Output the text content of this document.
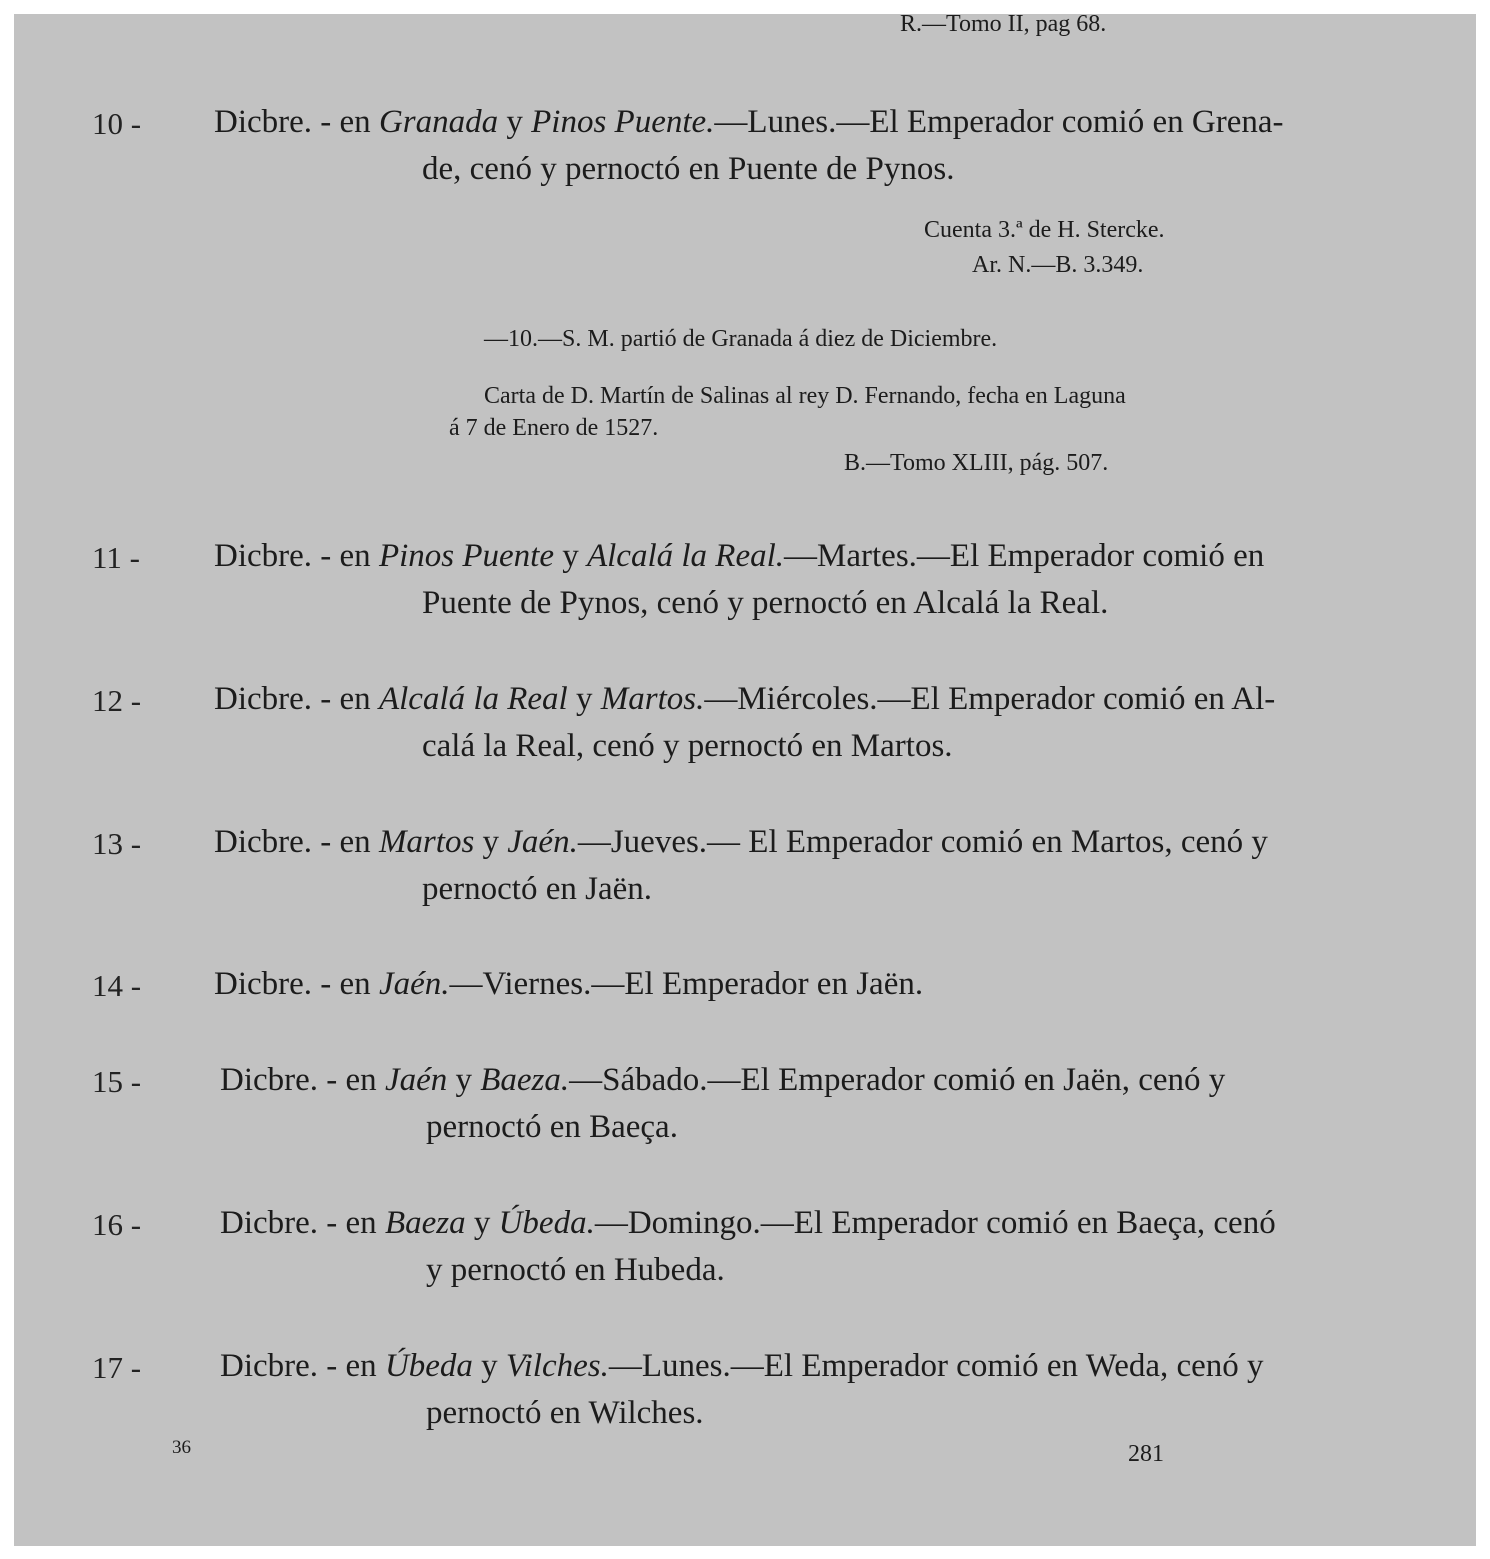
R.—Tomo II, pag 68.
10 - Dicbre. - en Granada y Pinos Puente.—Lunes.—El Emperador comió en Grena-
de, cenó y pernoctó en Puente de Pynos.
Cuenta 3.ª de H. Stercke.
Ar. N.—B. 3.349.
—10.—S. M. partió de Granada á diez de Diciembre.
Carta de D. Martín de Salinas al rey D. Fernando, fecha en Laguna
á 7 de Enero de 1527.
B.—Tomo XLIII, pág. 507.
11 - Dicbre. - en Pinos Puente y Alcalá la Real.—Martes.—El Emperador comió en
Puente de Pynos, cenó y pernoctó en Alcalá la Real.
12 - Dicbre. - en Alcalá la Real y Martos.—Miércoles.—El Emperador comió en Al-
calá la Real, cenó y pernoctó en Martos.
13 - Dicbre. - en Martos y Jaén.—Jueves.— El Emperador comió en Martos, cenó y
pernoctó en Jaën.
14 - Dicbre. - en Jaén.—Viernes.—El Emperador en Jaën.
15 - Dicbre. - en Jaén y Baeza.—Sábado.—El Emperador comió en Jaën, cenó y
pernoctó en Baeça.
16 - Dicbre. - en Baeza y Úbeda.—Domingo.—El Emperador comió en Baeça, cenó
y pernoctó en Hubeda.
17 - Dicbre. - en Úbeda y Vilches.—Lunes.—El Emperador comió en Weda, cenó y
pernoctó en Wilches.
36	281
